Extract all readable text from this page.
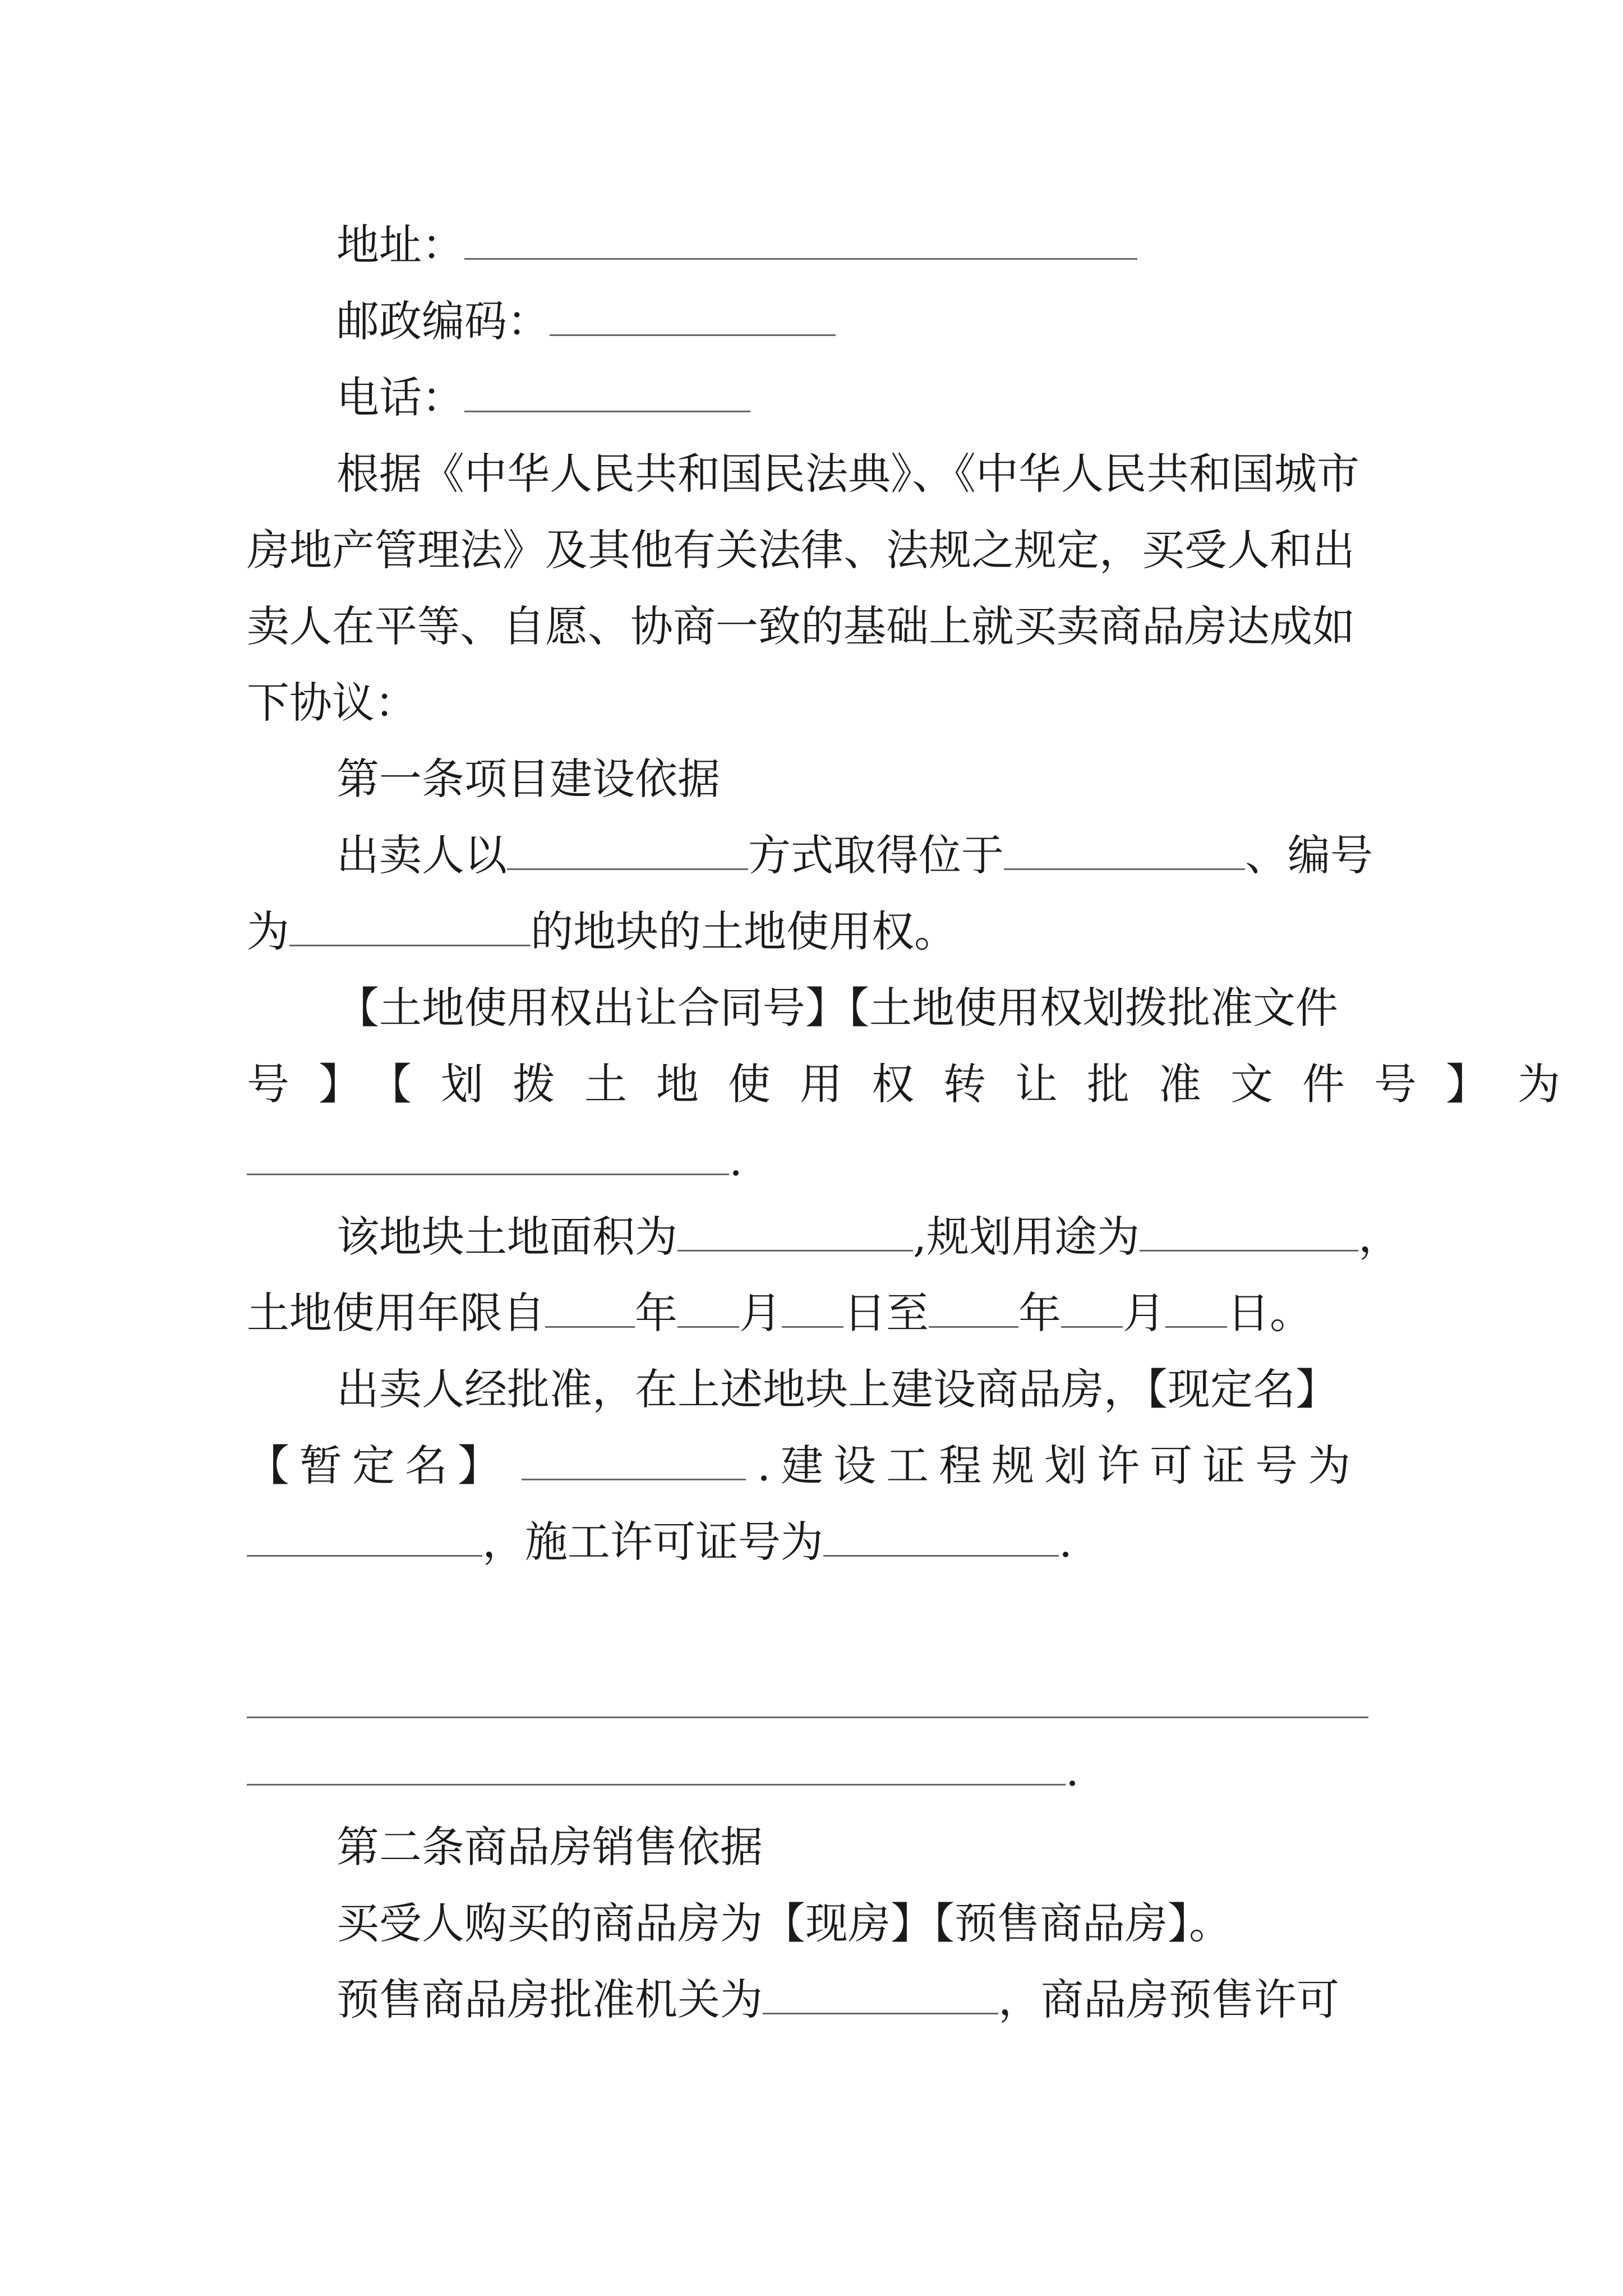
地址：
邮政编码：
电话：
根据《中华人民共和国民法典》、《中华人民共和国城市
房地产管理法》及其他有关法律、法规之规定，买受人和出
卖人在平等、自愿、协商一致的基础上就买卖商品房达成如
下协议：
第一条项目建设依据
出卖人以	方式取得位于	、编号
为	的地块的土地使用权。
【土地使用权出让合同号】【土地使用权划拨批准文件
号】【划拨土地使用权转让批准文件号】为
.
该地块土地面积为	,规划用途为	，
土地使用年限自 年 月 日至 年 月 日。
出卖人经批准，在上述地块上建设商品房，【现定名】
【暂定名】	.建设工程规划许可证号为
，施工许可证号为	.
.
第二条商品房销售依据
买受人购买的商品房为【现房】【预售商品房】。
预售商品房批准机关为	，商品房预售许可
